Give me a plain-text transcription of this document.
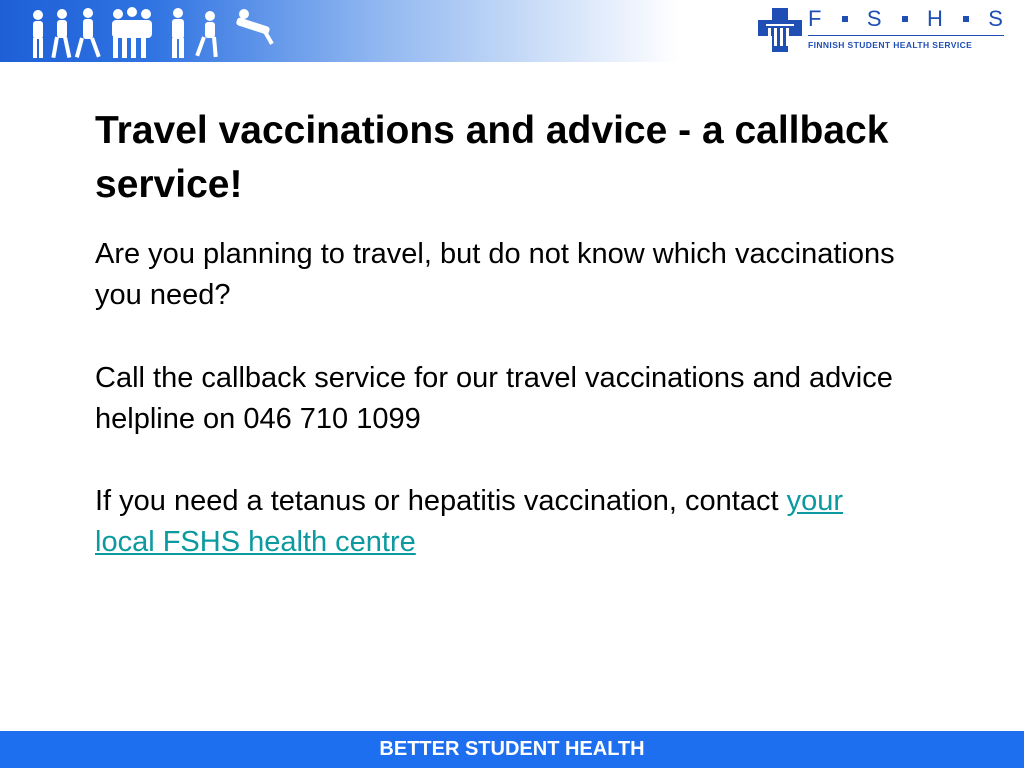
F S H S
FINNISH STUDENT HEALTH SERVICE
Travel vaccinations and advice - a callback service!

Are you planning to travel, but do not know which vaccinations you need?

Call the callback service for our travel vaccinations and advice helpline on 046 710 1099

If you need a tetanus or hepatitis vaccination, contact your local FSHS health centre

BETTER STUDENT HEALTH
